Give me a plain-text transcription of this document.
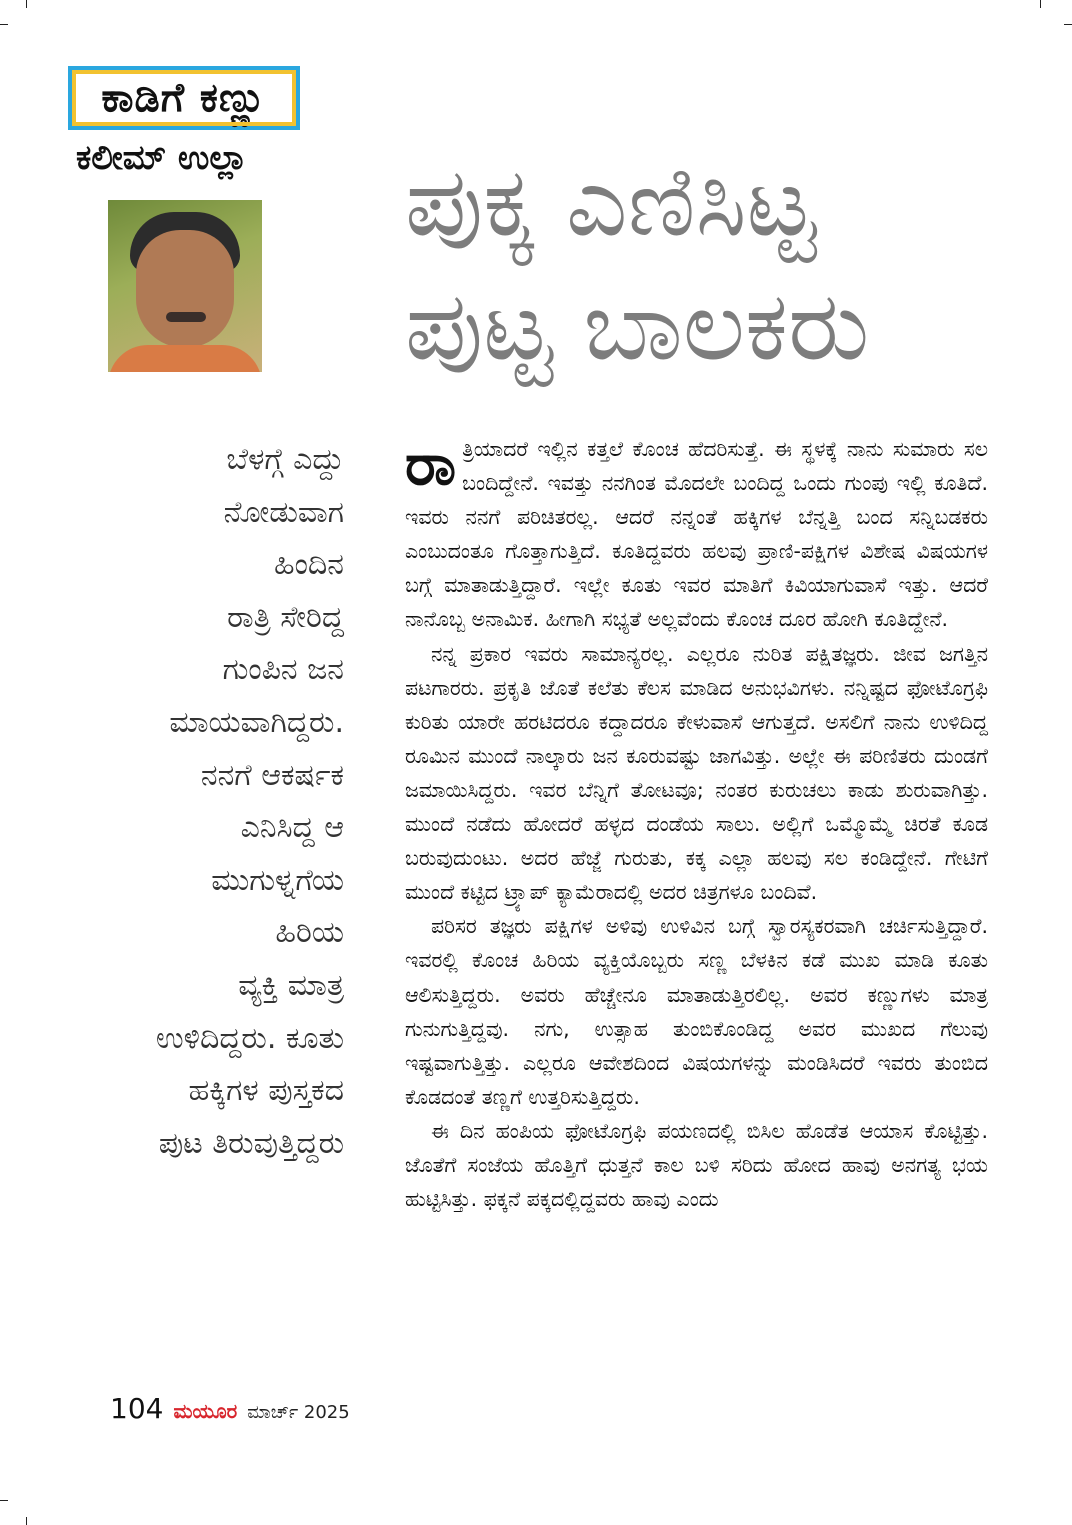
ಕಾಡಿಗೆ ಕಣ್ಣು
ಕಲೀಮ್ ಉಲ್ಲಾ ಪುಕ್ಕ ಎಣಿಸಿಟ್ಟ
ಪುಟ್ಟ ಬಾಲಕರು
ಬೆಳಗ್ಗೆ ಎದ್ದು
ನೋಡುವಾಗ
ಹಿಂದಿನ
ರಾತ್ರಿ ಸೇರಿದ್ದ
ಗುಂಪಿನ ಜನ
ಮಾಯವಾಗಿದ್ದರು.
ನನಗೆ ಆಕರ್ಷಕ
ಎನಿಸಿದ್ದ ಆ
ಮುಗುಳ್ನಗೆಯ
ಹಿರಿಯ
ವ್ಯಕ್ತಿ ಮಾತ್ರ
ಉಳಿದಿದ್ದರು. ಕೂತು
ಹಕ್ಕಿಗಳ ಪುಸ್ತಕದ
ಪುಟ ತಿರುವುತ್ತಿದ್ದರು

ರಾತ್ರಿಯಾದರೆ ಇಲ್ಲಿನ ಕತ್ತಲೆ ಕೊಂಚ ಹೆದರಿಸುತ್ತೆ. ಈ ಸ್ಥಳಕ್ಕೆ ನಾನು ಸುಮಾರು ಸಲ ಬಂದಿದ್ದೇನೆ. ಇವತ್ತು ನನಗಿಂತ ಮೊದಲೇ ಬಂದಿದ್ದ ಒಂದು ಗುಂಪು ಇಲ್ಲಿ ಕೂತಿದೆ. ಇವರು ನನಗೆ ಪರಿಚಿತರಲ್ಲ. ಆದರೆ ನನ್ನಂತೆ ಹಕ್ಕಿಗಳ ಬೆನ್ನತ್ತಿ ಬಂದ ಸನ್ನಿಬಡಕರು ಎಂಬುದಂತೂ ಗೊತ್ತಾಗುತ್ತಿದೆ. ಕೂತಿದ್ದವರು ಹಲವು ಪ್ರಾಣಿ-ಪಕ್ಷಿಗಳ ವಿಶೇಷ ವಿಷಯಗಳ ಬಗ್ಗೆ ಮಾತಾಡುತ್ತಿದ್ದಾರೆ. ಇಲ್ಲೇ ಕೂತು ಇವರ ಮಾತಿಗೆ ಕಿವಿಯಾಗುವಾಸೆ ಇತ್ತು. ಆದರೆ ನಾನೊಬ್ಬ ಅನಾಮಿಕ. ಹೀಗಾಗಿ ಸಭ್ಯತೆ ಅಲ್ಲವೆಂದು ಕೊಂಚ ದೂರ ಹೋಗಿ ಕೂತಿದ್ದೇನೆ.

ನನ್ನ ಪ್ರಕಾರ ಇವರು ಸಾಮಾನ್ಯರಲ್ಲ. ಎಲ್ಲರೂ ನುರಿತ ಪಕ್ಷಿತಜ್ಞರು. ಜೀವ ಜಗತ್ತಿನ ಪಟಗಾರರು. ಪ್ರಕೃತಿ ಜೊತೆ ಕಲೆತು ಕೆಲಸ ಮಾಡಿದ ಅನುಭವಿಗಳು. ನನ್ನಿಷ್ಟದ ಫೋಟೊಗ್ರಫಿ ಕುರಿತು ಯಾರೇ ಹರಟಿದರೂ ಕದ್ದಾದರೂ ಕೇಳುವಾಸೆ ಆಗುತ್ತದೆ. ಅಸಲಿಗೆ ನಾನು ಉಳಿದಿದ್ದ ರೂಮಿನ ಮುಂದೆ ನಾಲ್ಕಾರು ಜನ ಕೂರುವಷ್ಟು ಜಾಗವಿತ್ತು. ಅಲ್ಲೇ ಈ ಪರಿಣಿತರು ದುಂಡಗೆ ಜಮಾಯಿಸಿದ್ದರು. ಇವರ ಬೆನ್ನಿಗೆ ತೋಟವೂ; ನಂತರ ಕುರುಚಲು ಕಾಡು ಶುರುವಾಗಿತ್ತು. ಮುಂದೆ ನಡೆದು ಹೋದರೆ ಹಳ್ಳದ ದಂಡೆಯ ಸಾಲು. ಅಲ್ಲಿಗೆ ಒಮ್ಮೊಮ್ಮೆ ಚಿರತೆ ಕೂಡ ಬರುವುದುಂಟು. ಅದರ ಹೆಜ್ಜೆ ಗುರುತು, ಕಕ್ಕ ಎಲ್ಲಾ ಹಲವು ಸಲ ಕಂಡಿದ್ದೇನೆ. ಗೇಟಿಗೆ ಮುಂದೆ ಕಟ್ಟಿದ ಟ್ರ್ಯಾಪ್ ಕ್ಯಾಮೆರಾದಲ್ಲಿ ಅದರ ಚಿತ್ರಗಳೂ ಬಂದಿವೆ.

ಪರಿಸರ ತಜ್ಞರು ಪಕ್ಷಿಗಳ ಅಳಿವು ಉಳಿವಿನ ಬಗ್ಗೆ ಸ್ವಾರಸ್ಯಕರವಾಗಿ ಚರ್ಚಿಸುತ್ತಿದ್ದಾರೆ. ಇವರಲ್ಲಿ ಕೊಂಚ ಹಿರಿಯ ವ್ಯಕ್ತಿಯೊಬ್ಬರು ಸಣ್ಣ ಬೆಳಕಿನ ಕಡೆ ಮುಖ ಮಾಡಿ ಕೂತು ಆಲಿಸುತ್ತಿದ್ದರು. ಅವರು ಹೆಚ್ಚೇನೂ ಮಾತಾಡುತ್ತಿರಲಿಲ್ಲ. ಅವರ ಕಣ್ಣುಗಳು ಮಾತ್ರ ಗುನುಗುತ್ತಿದ್ದವು. ನಗು, ಉತ್ಸಾಹ ತುಂಬಿಕೊಂಡಿದ್ದ ಅವರ ಮುಖದ ಗೆಲುವು ಇಷ್ಟವಾಗುತ್ತಿತ್ತು. ಎಲ್ಲರೂ ಆವೇಶದಿಂದ ವಿಷಯಗಳನ್ನು ಮಂಡಿಸಿದರೆ ಇವರು ತುಂಬಿದ ಕೊಡದಂತೆ ತಣ್ಣಗೆ ಉತ್ತರಿಸುತ್ತಿದ್ದರು.

ಈ ದಿನ ಹಂಪಿಯ ಫೋಟೊಗ್ರಫಿ ಪಯಣದಲ್ಲಿ ಬಿಸಿಲ ಹೊಡೆತ ಆಯಾಸ ಕೊಟ್ಟಿತ್ತು. ಜೊತೆಗೆ ಸಂಜೆಯ ಹೊತ್ತಿಗೆ ಧುತ್ತನೆ ಕಾಲ ಬಳಿ ಸರಿದು ಹೋದ ಹಾವು ಅನಗತ್ಯ ಭಯ ಹುಟ್ಟಿಸಿತ್ತು. ಫಕ್ಕನೆ ಪಕ್ಕದಲ್ಲಿದ್ದವರು ಹಾವು ಎಂದು

104 ಮಯೂರ ಮಾರ್ಚ್ 2025
